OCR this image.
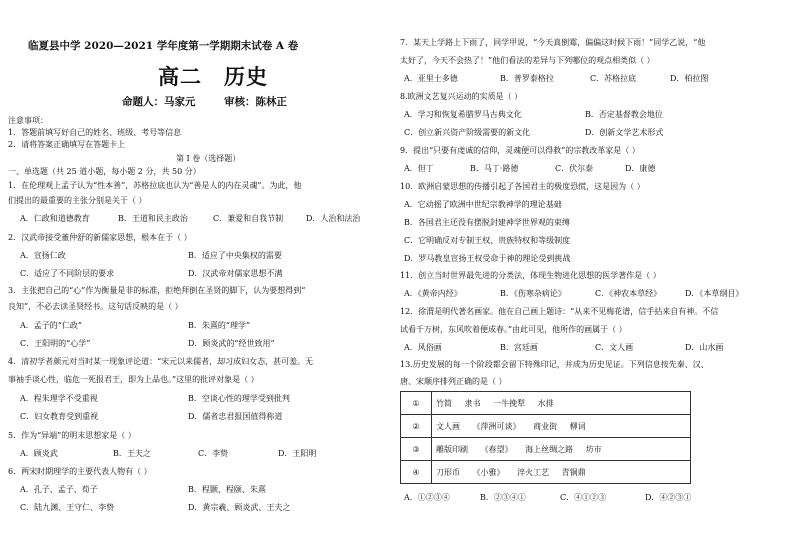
临夏县中学 2020—2021 学年度第一学期期末试卷 A 卷
高二　历史
命题人：马家元	审核：陈林正
注意事项：
1．答题前填写好自己的姓名、班级、考号等信息
2．请将答案正确填写在答题卡上
第 I 卷（选择题）
一、单选题（共 25 道小题，每小题 2 分，共 50 分）
1．在伦理观上孟子认为“性本善”，苏格拉底也认为“善是人的内在灵魂”。为此，他
们提出的最重要的主张分别是关于（ ）
A．仁政和道德教育	B．王道和民主政治	C．兼爱和自我节制	D．人治和法治
2．汉武帝接受董仲舒的新儒家思想，根本在于（ ）
A．宣扬仁政	B．适应了中央集权的需要
C．适应了不同阶层的要求	D．汉武帝对儒家思想不满
3．主张把自己的“心”作为衡量是非的标准，拒绝拜倒在圣贤的脚下，认为要想得到“
良知”，不必去读圣贤经书。这句话反映的是（ ）
A．孟子的“仁政”	B．朱熹的“理学”
C．王阳明的“心学”	D．顾炎武的“经世致用”
4．清初学者颜元对当时某一现象评论道：“宋元以来儒者，却习成妇女态，甚可羞。无
事袖手谈心性，临危一死报君王，即为上品也。”这里的批评对象是（ ）
A．程朱理学不受重视	B．空谈心性的理学受到批判
C．妇女教育受到重视	D．儒者忠君报国值得称道
5．作为“异端”的明末思想家是（ ）
A．顾炎武	B．王夫之	C．李贽	D．王阳明
6．两宋时期理学的主要代表人物有（ ）
A．孔子、孟子、荀子	B．程颢、程颐、朱熹
C．陆九渊、王守仁、李贽	D．黄宗羲、顾炎武、王夫之
7．某天上学路上下雨了，同学甲说，“今天真倒霉，偏偏这时候下雨！”同学乙说，“他
太好了，今天不会热了！”他们看法的差异与下列哪位的观点相类似（ ）
A．亚里士多德	B．普罗泰格拉	C．苏格拉底	D．柏拉图
8.欧洲文艺复兴运动的实质是（ ）
A．学习和恢复希腊罗马古典文化	B．否定基督教会地位
C．创立新兴资产阶级需要的新文化	D．创新文学艺术形式
9．提出“只要有虔诚的信仰，灵魂便可以得救”的宗教改革家是（ ）
A．但丁	B．马丁·路德	C．伏尔泰	D．康德
10．欧洲启蒙思想的传播引起了各国君主的极度恐慌，这是因为（ ）
A．它动摇了欧洲中世纪宗教神学的理论基础
B．各国君主还没有摆脱封建神学世界观的束缚
C．它明确反对专制王权、贵族特权和等级制度
D．罗马教皇宣扬王权受命于神的理论受到挑战
11．创立当时世界最先进的分类法，体现生物进化思想的医学著作是（ ）
A．《黄帝内经》	B．《伤寒杂病论》	C．《神农本草经》	D．《本草纲目》
12．徐渭是明代著名画家。他在自己画上题诗：“从来不见梅花谱，信手拈来自有神。不信
试看千万树，东风吹着便成春。”由此可见，他所作的画属于（ ）
A．风俗画	B．宫廷画	C．文人画	D．山水画
13.历史发展的每一个阶段都会留下特殊印记，并成为历史见证。下列信息按先秦、汉、
唐、宋顺序排列正确的是（ ）
①	竹简 隶书 一牛挽犁 水排
②	文人画 《萍洲可谈》 商业街 柳词
③	雕版印刷 《春望》 海上丝绸之路 坊市
④	刀形币 《小雅》 淬火工艺 青铜鼎
A．①②③④	B．②③④①	C．④①②③	D．④②③①
